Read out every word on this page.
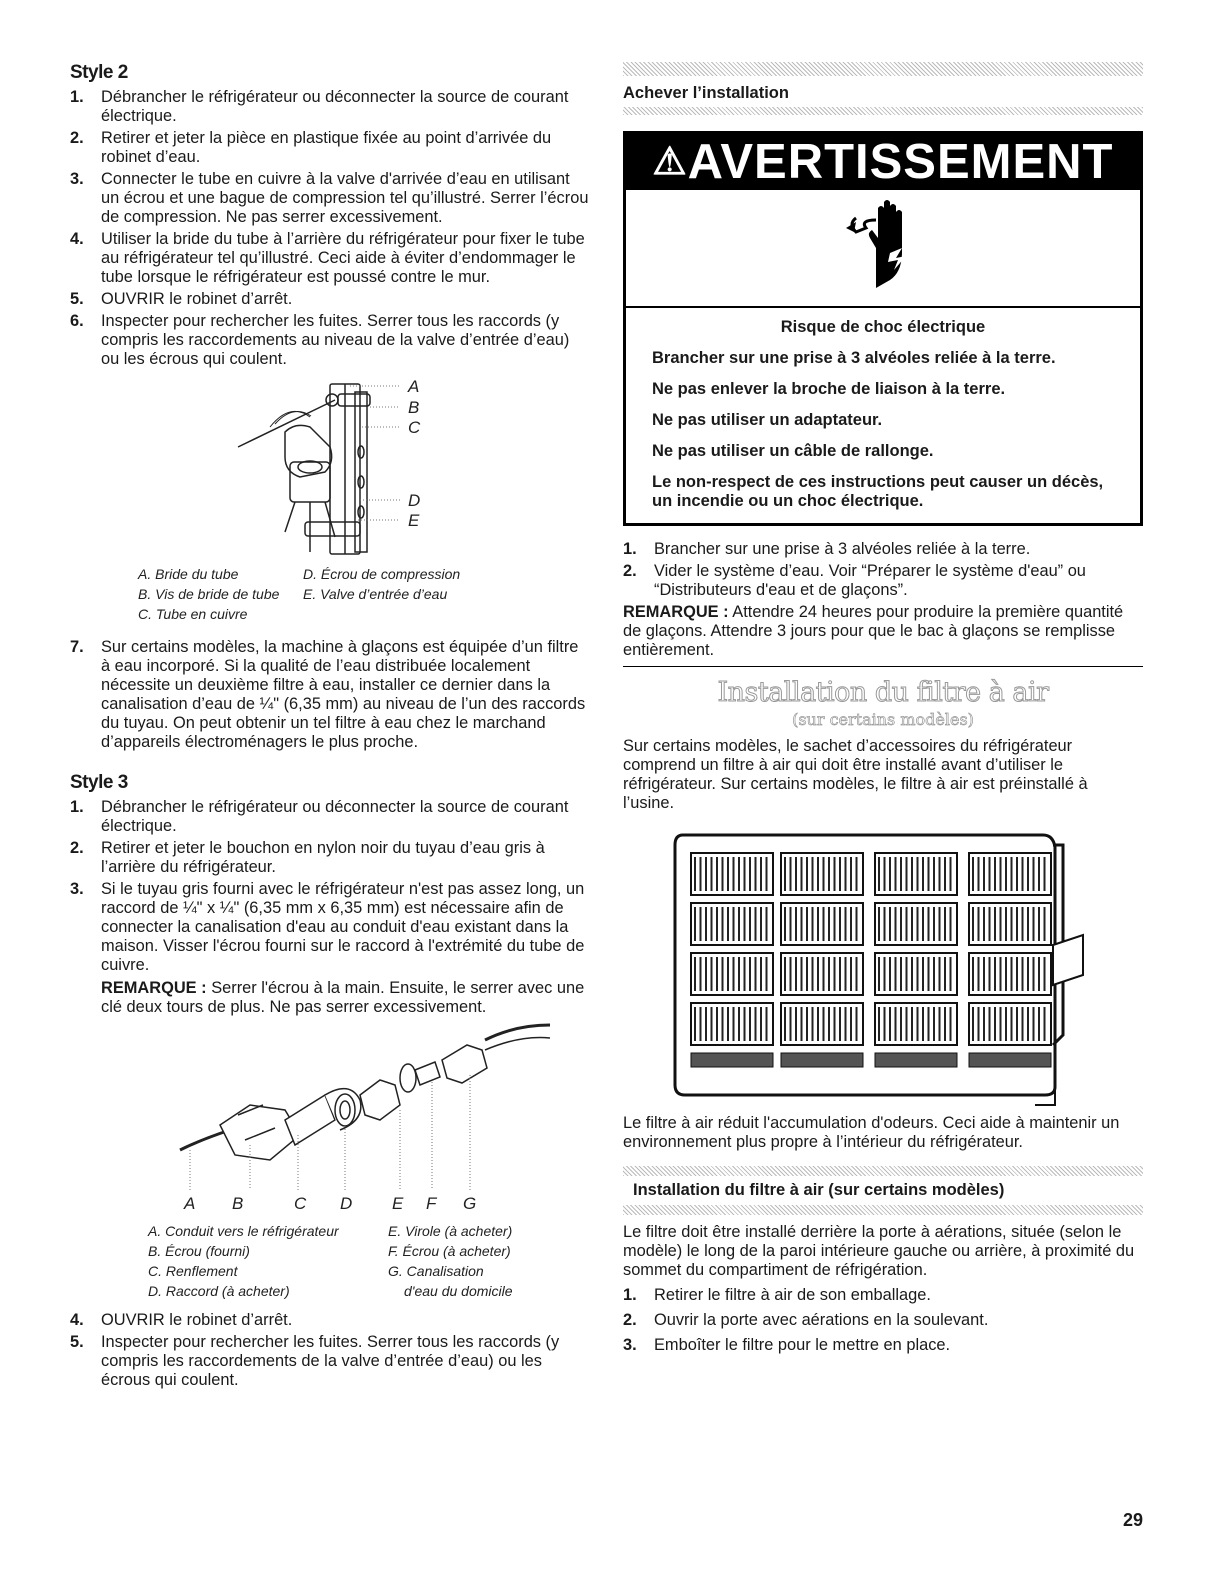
Style 2
1. Débrancher le réfrigérateur ou déconnecter la source de courant électrique.
2. Retirer et jeter la pièce en plastique fixée au point d’arrivée du robinet d’eau.
3. Connecter le tube en cuivre à la valve d'arrivée d’eau en utilisant un écrou et une bague de compression tel qu’illustré. Serrer l’écrou de compression. Ne pas serrer excessivement.
4. Utiliser la bride du tube à l’arrière du réfrigérateur pour fixer le tube au réfrigérateur tel qu’illustré. Ceci aide à éviter d’endommager le tube lorsque le réfrigérateur est poussé contre le mur.
5. OUVRIR le robinet d’arrêt.
6. Inspecter pour rechercher les fuites. Serrer tous les raccords (y compris les raccordements au niveau de la valve d’entrée d’eau) ou les écrous qui coulent.
A
B
C
D
E
A. Bride du tube	D. Écrou de compression
B. Vis de bride de tube	E. Valve d’entrée d’eau
C. Tube en cuivre
7. Sur certains modèles, la machine à glaçons est équipée d’un filtre à eau incorporé. Si la qualité de l’eau distribuée localement nécessite un deuxième filtre à eau, installer ce dernier dans la canalisation d’eau de ¼" (6,35 mm) au niveau de l’un des raccords du tuyau. On peut obtenir un tel filtre à eau chez le marchand d’appareils électroménagers le plus proche.
Style 3
1. Débrancher le réfrigérateur ou déconnecter la source de courant électrique.
2. Retirer et jeter le bouchon en nylon noir du tuyau d’eau gris à l’arrière du réfrigérateur.
3. Si le tuyau gris fourni avec le réfrigérateur n'est pas assez long, un raccord de ¼" x ¼" (6,35 mm x 6,35 mm) est nécessaire afin de connecter la canalisation d'eau au conduit d'eau existant dans la maison. Visser l'écrou fourni sur le raccord à l'extrémité du tube de cuivre.
REMARQUE : Serrer l'écrou à la main. Ensuite, le serrer avec une clé deux tours de plus. Ne pas serrer excessivement.
A B	C D E F G
A. Conduit vers le réfrigérateur	E. Virole (à acheter)
B. Écrou (fourni)	F. Écrou (à acheter)
C. Renflement	G. Canalisation
D. Raccord (à acheter)	d'eau du domicile
4. OUVRIR le robinet d’arrêt.
5. Inspecter pour rechercher les fuites. Serrer tous les raccords (y compris les raccordements de la valve d’entrée d’eau) ou les écrous qui coulent.
Achever l’installation
⚠AVERTISSEMENT
Risque de choc électrique

Brancher sur une prise à 3 alvéoles reliée à la terre.

Ne pas enlever la broche de liaison à la terre.

Ne pas utiliser un adaptateur.

Ne pas utiliser un câble de rallonge.

Le non-respect de ces instructions peut causer un décès, un incendie ou un choc électrique.

1. Brancher sur une prise à 3 alvéoles reliée à la terre.
2. Vider le système d’eau. Voir “Préparer le système d'eau” ou “Distributeurs d'eau et de glaçons”.
REMARQUE : Attendre 24 heures pour produire la première quantité de glaçons. Attendre 3 jours pour que le bac à glaçons se remplisse entièrement.
Installation du filtre à air
(sur certains modèles)
Sur certains modèles, le sachet d’accessoires du réfrigérateur comprend un filtre à air qui doit être installé avant d’utiliser le réfrigérateur. Sur certains modèles, le filtre à air est préinstallé à l’usine.
Le filtre à air réduit l'accumulation d'odeurs. Ceci aide à maintenir un environnement plus propre à l’intérieur du réfrigérateur.
Installation du filtre à air (sur certains modèles)
Le filtre doit être installé derrière la porte à aérations, située (selon le modèle) le long de la paroi intérieure gauche ou arrière, à proximité du sommet du compartiment de réfrigération.
1. Retirer le filtre à air de son emballage.
2. Ouvrir la porte avec aérations en la soulevant.
3. Emboîter le filtre pour le mettre en place.
29
